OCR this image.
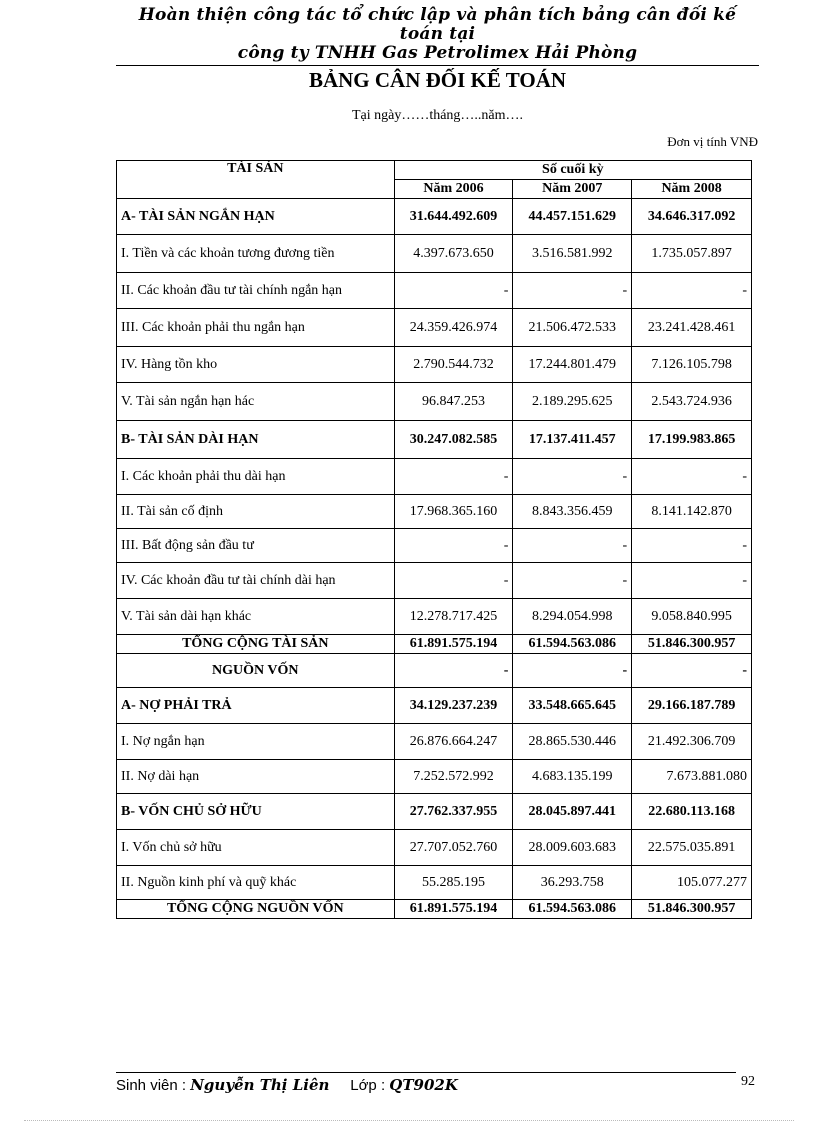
Hoàn thiện công tác tổ chức lập và phân tích bảng cân đối kế toán tại
công ty TNHH Gas Petrolimex Hải Phòng
BẢNG CÂN ĐỐI KẾ TOÁN
Tại ngày……tháng…..năm….
Đơn vị tính VNĐ
TÀI SẢN	Số cuối kỳ		
	Năm 2006	Năm 2007	Năm 2008
A- TÀI SẢN NGẮN HẠN	31.644.492.609	44.457.151.629	34.646.317.092
I. Tiền và các khoản tương đương tiền	4.397.673.650	3.516.581.992	1.735.057.897
II. Các khoản đầu tư tài chính ngắn hạn	-	-	-
III. Các khoản phải thu ngắn hạn	24.359.426.974	21.506.472.533	23.241.428.461
IV. Hàng tồn kho	2.790.544.732	17.244.801.479	7.126.105.798
V. Tài sản ngắn hạn hác	96.847.253	2.189.295.625	2.543.724.936
B- TÀI SẢN DÀI HẠN	30.247.082.585	17.137.411.457	17.199.983.865
I. Các khoản phải thu dài hạn	-	-	-
II. Tài sản cố định	17.968.365.160	8.843.356.459	8.141.142.870
III. Bất động sản đầu tư	-	-	-
IV. Các khoản đầu tư tài chính dài hạn	-	-	-
V. Tài sản dài hạn khác	12.278.717.425	8.294.054.998	9.058.840.995
TỔNG CỘNG TÀI SẢN	61.891.575.194	61.594.563.086	51.846.300.957
NGUỒN VỐN	-	-	-
A- NỢ PHẢI TRẢ	34.129.237.239	33.548.665.645	29.166.187.789
I. Nợ ngắn hạn	26.876.664.247	28.865.530.446	21.492.306.709
II. Nợ dài hạn	7.252.572.992	4.683.135.199	7.673.881.080
B- VỐN CHỦ SỞ HỮU	27.762.337.955	28.045.897.441	22.680.113.168
I. Vốn chủ sở hữu	27.707.052.760	28.009.603.683	22.575.035.891
II. Nguồn kinh phí và quỹ khác	55.285.195	36.293.758	105.077.277
TỔNG CỘNG NGUỒN VỐN	61.891.575.194	61.594.563.086	51.846.300.957
Sinh viên : Nguyễn Thị Liên Lớp : QT902K	92
